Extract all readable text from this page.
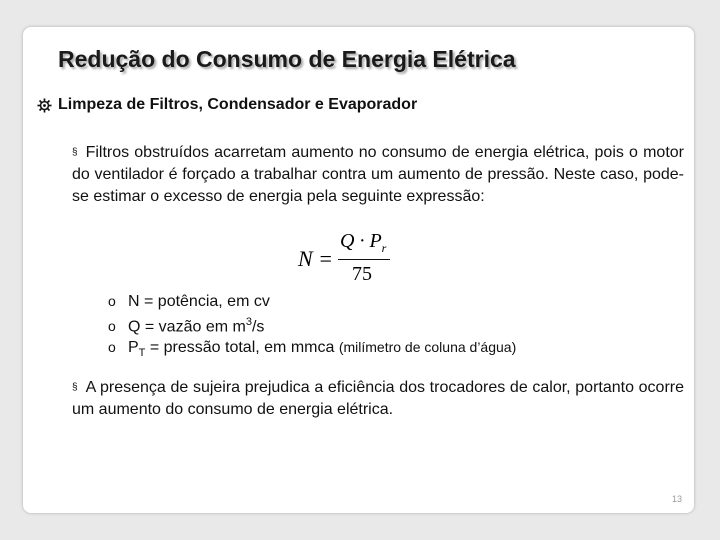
Redução do Consumo de Energia Elétrica
Limpeza de Filtros, Condensador e Evaporador
§ Filtros obstruídos acarretam aumento no consumo de energia elétrica, pois o motor do ventilador é forçado a trabalhar contra um aumento de pressão. Neste caso, pode-se estimar o excesso de energia pela seguinte expressão:
N =
$Q \cdot P_r$
75
o N = potência, em cv
o Q = vazão em $m^3/s$
o $P_T$ = pressão total, em mmca (milímetro de coluna d’água)
§ A presença de sujeira prejudica a eficiência dos trocadores de calor, portanto ocorre um aumento do consumo de energia elétrica.
13
